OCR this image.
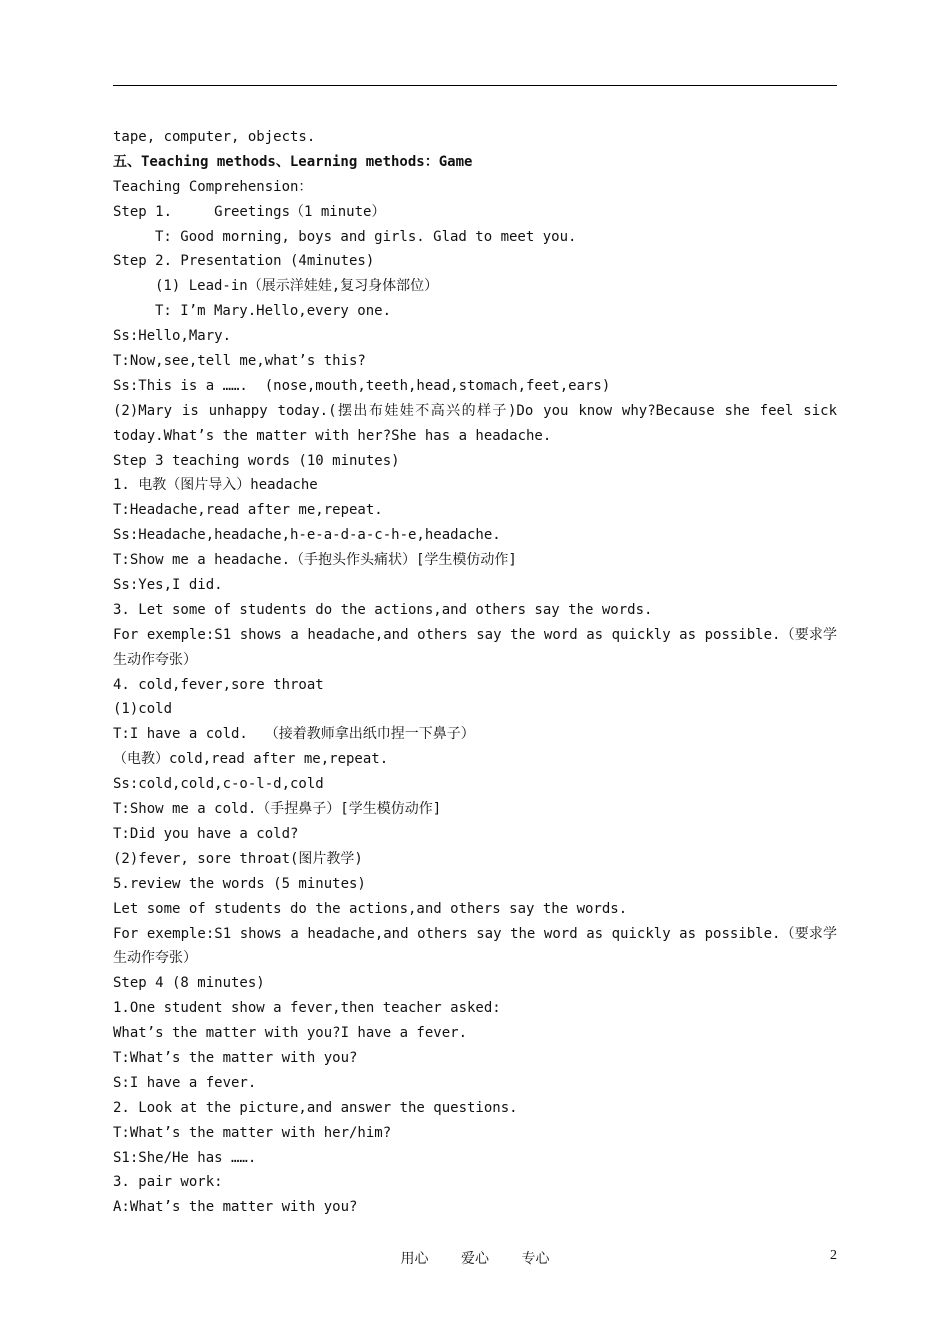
tape, computer, objects.
五、Teaching methods、Learning methods：Game
Teaching Comprehension：
Step 1.     Greetings（1 minute）
T: Good morning, boys and girls. Glad to meet you.
Step 2. Presentation (4minutes)
(1) Lead-in（展示洋娃娃,复习身体部位）
T: I’m Mary.Hello,every one.
Ss:Hello,Mary.
T:Now,see,tell me,what’s this?
Ss:This is a …….  (nose,mouth,teeth,head,stomach,feet,ears)
(2)Mary is unhappy today.(摆出布娃娃不高兴的样子)Do you know why?Because she feel sick
today.What’s the matter with her?She has a headache.
Step 3 teaching words (10 minutes)
1. 电教（图片导入）headache
T:Headache,read after me,repeat.
Ss:Headache,headache,h-e-a-d-a-c-h-e,headache.
T:Show me a headache.（手抱头作头痛状）[学生模仿动作]
Ss:Yes,I did.
3. Let some of students do the actions,and others say the words.
For exemple:S1 shows a headache,and others say the word as quickly as possible.（要求学
生动作夸张）
4. cold,fever,sore throat
(1)cold
T:I have a cold.  （接着教师拿出纸巾捏一下鼻子）
（电教）cold,read after me,repeat.
Ss:cold,cold,c-o-l-d,cold
T:Show me a cold.（手捏鼻子）[学生模仿动作]
T:Did you have a cold?
(2)fever, sore throat(图片教学)
5.review the words (5 minutes)
Let some of students do the actions,and others say the words.
For exemple:S1 shows a headache,and others say the word as quickly as possible.（要求学
生动作夸张）
Step 4 (8 minutes)
1.One student show a fever,then teacher asked:
What’s the matter with you?I have a fever.
T:What’s the matter with you?
S:I have a fever.
2. Look at the picture,and answer the questions.
T:What’s the matter with her/him?
S1:She/He has …….
3. pair work:
A:What’s the matter with you?
用心 爱心 专心	2
